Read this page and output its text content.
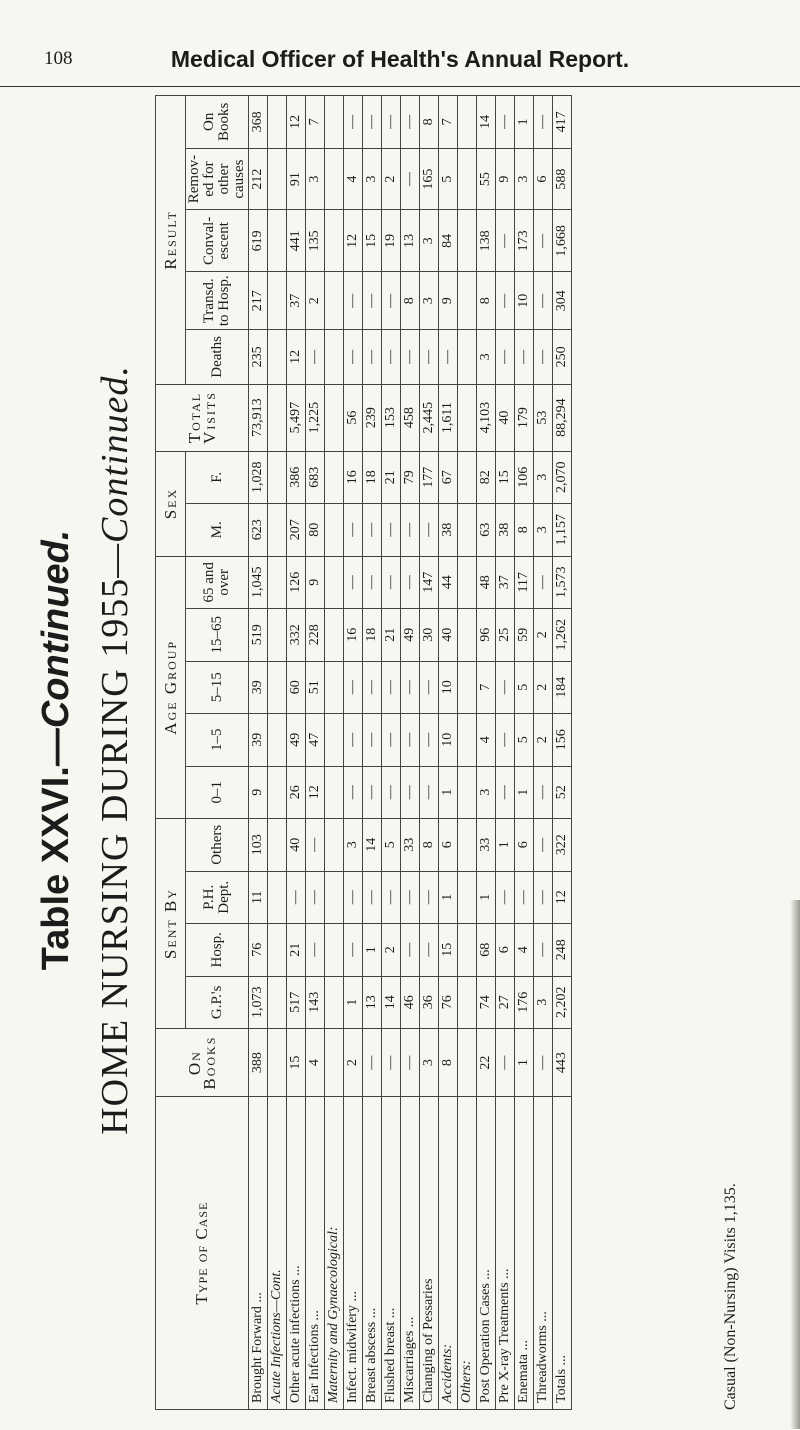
108	Medical Officer of Health's Annual Report.
Table XXVI.—Continued. HOME NURSING DURING 1955—Continued.
Type of Case	On Books	Sent By				Age Group					Sex		Total Visits	Result				
		G.P.'s	Hosp.	P.H. Dept.	Others	0–1	1–5	5–15	15–65	65 and over	M.	F.		Deaths	Transd. to Hosp.	Conval-escent	Remov-ed for other causes	On Books
Brought Forward ...	388	1,073	76	11	103	9	39	39	519	1,045	623	1,028	73,913	235	217	619	212	368
Acute Infections—Cont.																		
Other acute infections ...	15	517	21	—	40	26	49	60	332	126	207	386	5,497	12	37	441	91	12
Ear Infections ...	4	143	—	—	—	12	47	51	228	9	80	683	1,225	—	2	135	3	7
Maternity and Gynaecological:																		
Infect. midwifery ...	2	1	—	—	3	—	—	—	16	—	—	16	56	—	—	12	4	—
Breast abscess ...	—	13	1	—	14	—	—	—	18	—	—	18	239	—	—	15	3	—
Flushed breast ...	—	14	2	—	5	—	—	—	21	—	—	21	153	—	—	19	2	—
Miscarriages ...	—	46	—	—	33	—	—	—	49	—	—	79	458	—	8	13	—	—
Changing of Pessaries	3	36	—	—	8	—	—	—	30	147	—	177	2,445	—	3	3	165	8
Accidents:	8	76	15	1	6	1	10	10	40	44	38	67	1,611	—	9	84	5	7
Others:																		
Post Operation Cases ...	22	74	68	1	33	3	4	7	96	48	63	82	4,103	3	8	138	55	14
Pre X-ray Treatments ...	—	27	6	—	1	—	—	—	25	37	38	15	40	—	—	—	9	—
Enemata ...	1	176	4	—	6	1	5	5	59	117	8	106	179	—	10	173	3	1
Threadworms ...	—	3	—	—	—	—	2	2	2	—	3	3	53	—	—	—	6	—
Totals ...	443	2,202	248	12	322	52	156	184	1,262	1,573	1,157	2,070	88,294	250	304	1,668	588	417
Casual (Non-Nursing) Visits 1,135.
